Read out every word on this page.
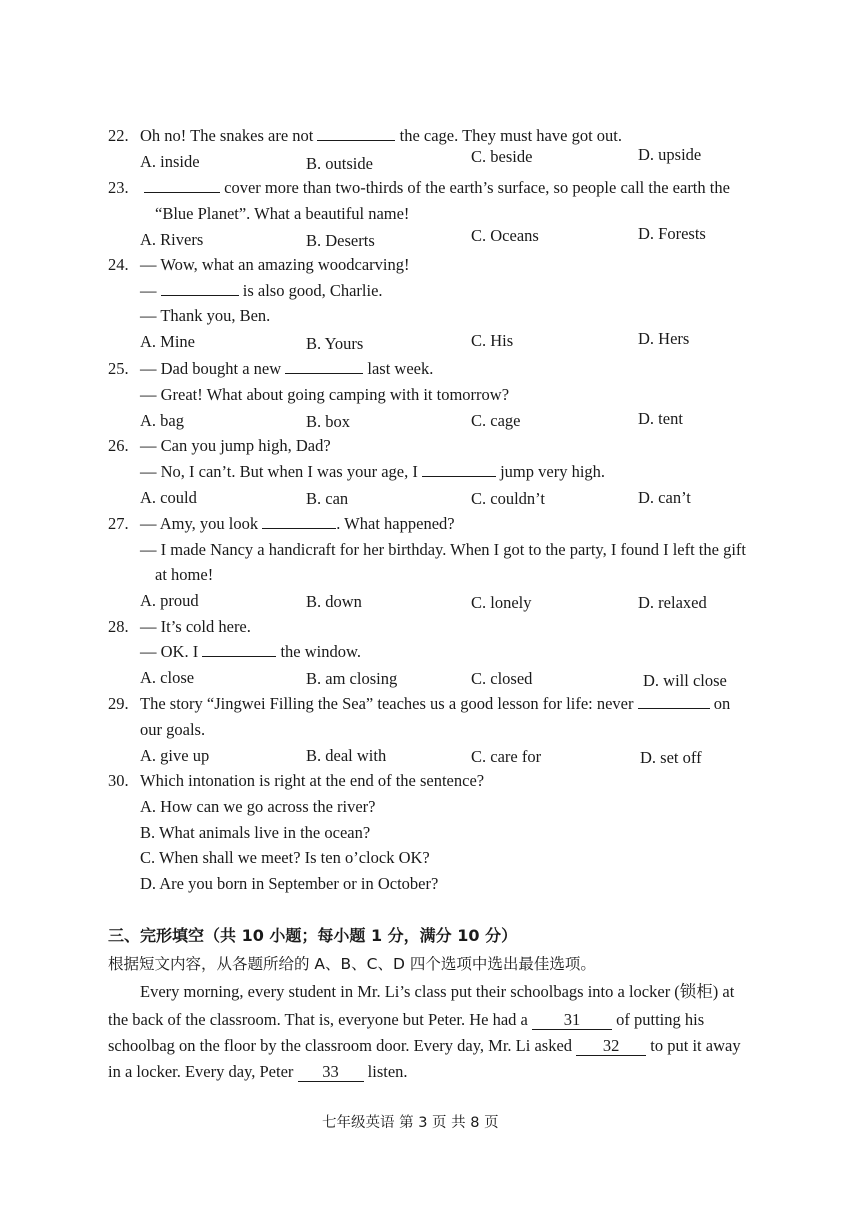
22. Oh no! The snakes are not	the cage. They must have got out.
A. inside	B. outside	C. beside	D. upside
23.	cover more than two-thirds of the earth’s surface, so people call the earth the
“Blue Planet”. What a beautiful name!
A. Rivers	B. Deserts	C. Oceans	D. Forests
24. — Wow, what an amazing woodcarving!
—	is also good, Charlie.
— Thank you, Ben.
A. Mine	B. Yours	C. His	D. Hers
25. — Dad bought a new	last week.
— Great! What about going camping with it tomorrow?
A. bag	B. box	C. cage	D. tent
26. — Can you jump high, Dad?
— No, I can’t. But when I was your age, I	jump very high.
A. could	B. can	C. couldn’t	D. can’t
27. — Amy, you look	. What happened?
— I made Nancy a handicraft for her birthday. When I got to the party, I found I left the gift
at home!
A. proud	B. down	C. lonely	D. relaxed
28. — It’s cold here.
— OK. I	the window.
A. close	B. am closing	C. closed	D. will close
29. The story “Jingwei Filling the Sea” teaches us a good lesson for life: never	on
our goals.
A. give up	B. deal with	C. care for	D. set off
30. Which intonation is right at the end of the sentence?
A. How can we go across the river?
B. What animals live in the ocean?
C. When shall we meet? Is ten o’clock OK?
D. Are you born in September or in October?
三、完形填空（共 10 小题；每小题 1 分，满分 10 分）
根据短文内容，从各题所给的 A、B、C、D 四个选项中选出最佳选项。
Every morning, every student in Mr. Li’s class put their schoolbags into a locker (锁柜) at
the back of the classroom. That is, everyone but Peter. He had a 31 of putting his
schoolbag on the floor by the classroom door. Every day, Mr. Li asked 32 to put it away
in a locker. Every day, Peter 33 listen.
七年级英语 第 3 页 共 8 页
